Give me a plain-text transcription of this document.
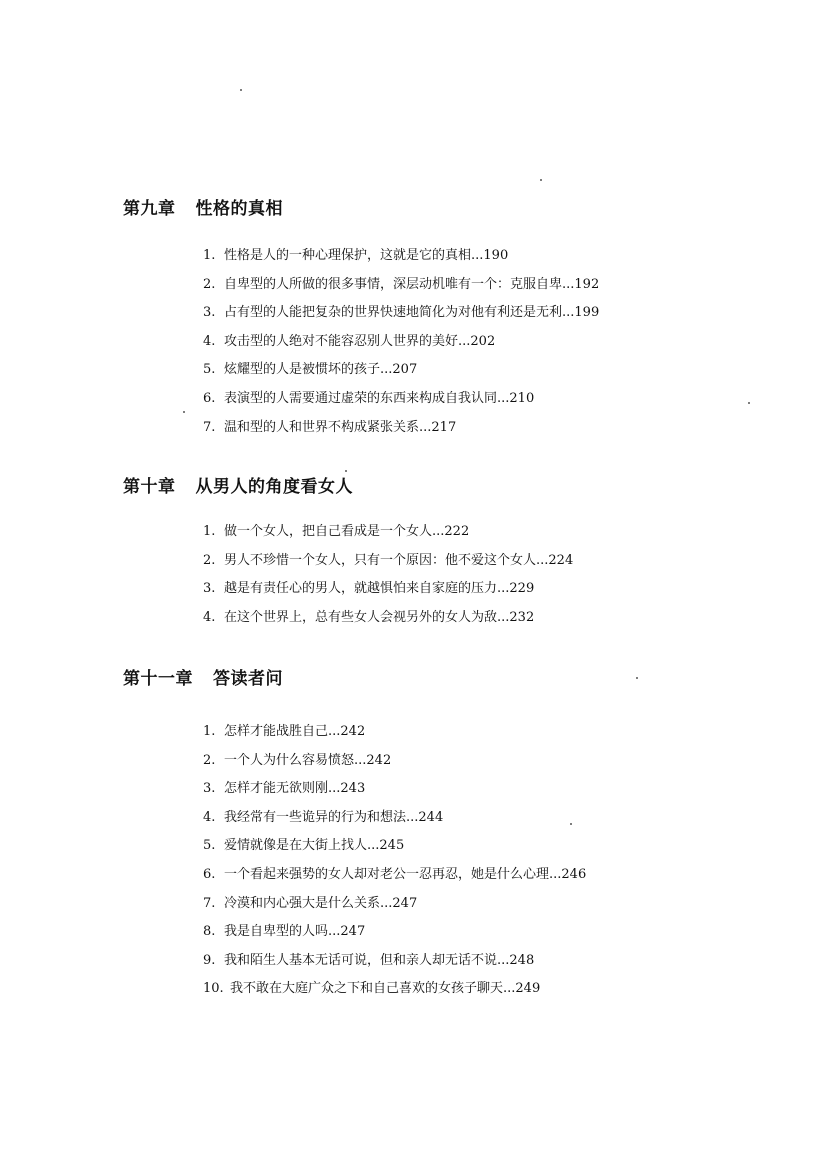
第九章 性格的真相
1. 性格是人的一种心理保护，这就是它的真相...190
2. 自卑型的人所做的很多事情，深层动机唯有一个：克服自卑...192
3. 占有型的人能把复杂的世界快速地简化为对他有利还是无利...199
4. 攻击型的人绝对不能容忍别人世界的美好...202
5. 炫耀型的人是被惯坏的孩子...207
6. 表演型的人需要通过虚荣的东西来构成自我认同...210
7. 温和型的人和世界不构成紧张关系...217
第十章 从男人的角度看女人
1. 做一个女人，把自己看成是一个女人...222
2. 男人不珍惜一个女人，只有一个原因：他不爱这个女人...224
3. 越是有责任心的男人，就越惧怕来自家庭的压力...229
4. 在这个世界上，总有些女人会视另外的女人为敌...232
第十一章 答读者问
1. 怎样才能战胜自己...242
2. 一个人为什么容易愤怒...242
3. 怎样才能无欲则刚...243
4. 我经常有一些诡异的行为和想法...244
5. 爱情就像是在大街上找人...245
6. 一个看起来强势的女人却对老公一忍再忍，她是什么心理...246
7. 冷漠和内心强大是什么关系...247
8. 我是自卑型的人吗...247
9. 我和陌生人基本无话可说，但和亲人却无话不说...248
10. 我不敢在大庭广众之下和自己喜欢的女孩子聊天...249
